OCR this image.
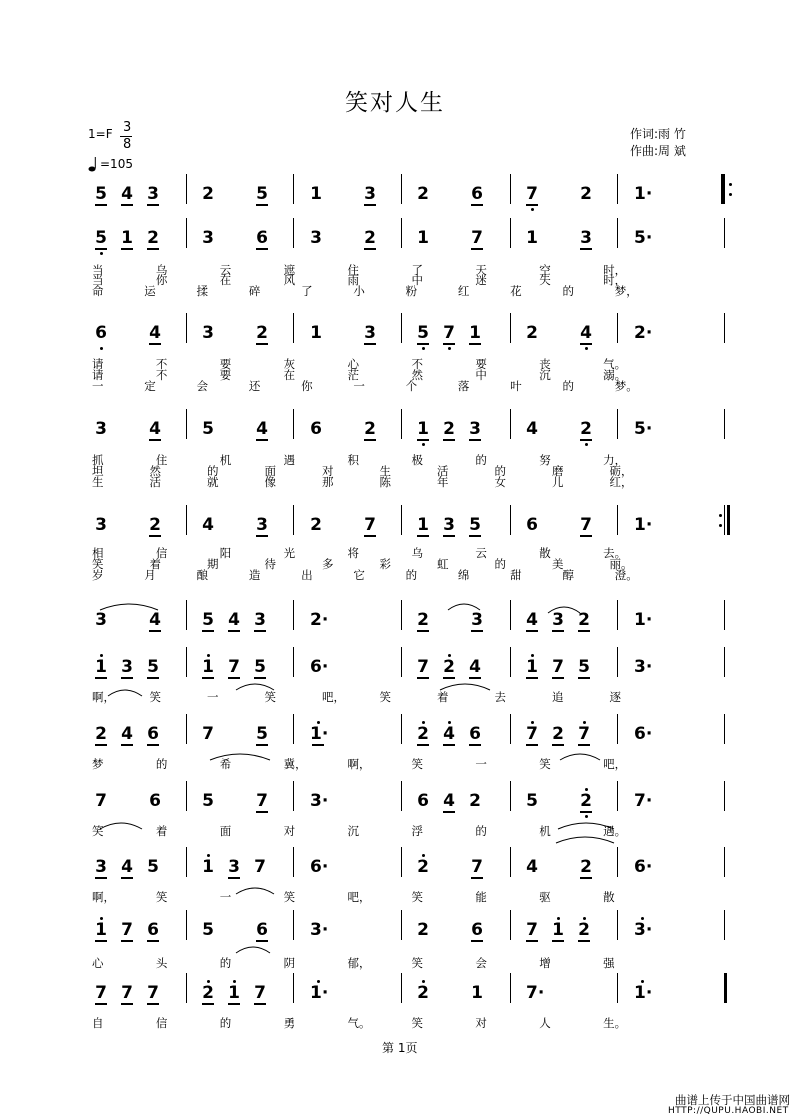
笑对人生
1=F 3
8
=105
作词:雨 竹
作曲:周 斌
5 4 3	2 5 1 3 2 6	7 2 1·
5 1 2	3 6 3 2 1 7	1 3 5·
当	乌	云	遮	住	了	天	空	时，
当	你	在	风	雨	中	迷	失	时，
命	运	揉	碎	了	小	粉	红	花	的	梦，
6 4 3 2 1 3 5 7 1	2 4 2·
请	不	要	灰	心	不	要	丧	气。
请	不	要	在	茫	然	中	沉	溺。
一	定	会	还	你	一	个	落	叶	的	梦。
3 4 5 4 6 2 1 2 3	4 2 5·
抓	住	机	遇	积	极	的	努	力，
坦	然	的	面	对	生	活	的	磨	砺，
生	活	就	像	那	陈	年	女	儿	红，
3 2 4 3 2 7 1 3 5	6 7 1·
相	信	阳	光	将	乌	云	散	去。
笑	着	期	待	多	彩	虹	的	美	丽。
岁	月	酿	造	出	它	的	绵	甜	醇	澄。
3 4 5 4 3	2·	2 3	4 3 2	1·
1 3 5	1 7 5	6·	7 2 4	1 7 5	3·
啊，	笑	一	笑	吧，	笑	着	去	追	逐
2 4 6	7 5 1·	2 4 6	7 2 7	6·
梦	的	希	冀，	啊，	笑	一	笑	吧，
7 6 5 7 3·	6 4 2	5 2 7·
笑	着	面	对	沉	浮	的	机	遇。
3 4 5	1 3 7	6·	2 7	4 2 6·
啊，	笑	一	笑	吧，	笑	能	驱	散
1 7 6	5 6 3·	2 6	7 1 2	3·
心	头	的	阴	郁，	笑	会	增	强
7 7 7	2 1 7	1·	2 1	7·	1·
自	信	的	勇	气。	笑	对	人	生。
第 1页
曲谱上传于中国曲谱网
HTTP://QUPU.HAOBI.NET
